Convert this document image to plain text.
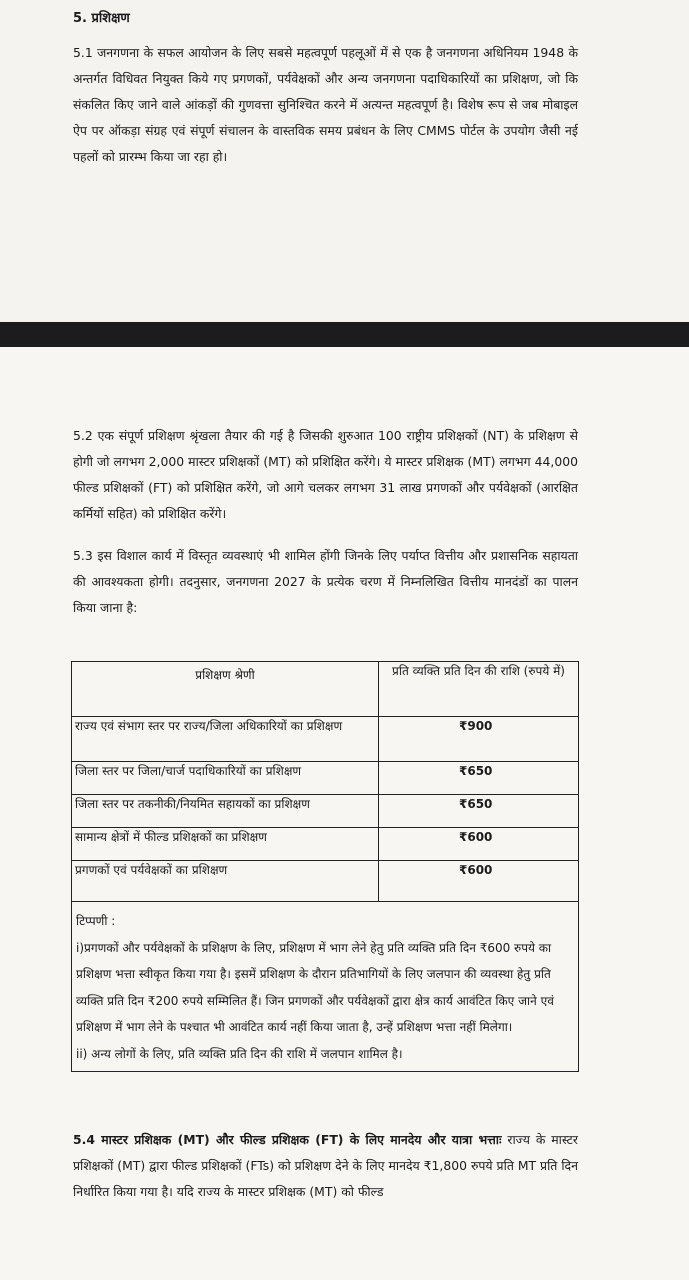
5. प्रशिक्षण
5.1 जनगणना के सफल आयोजन के लिए सबसे महत्वपूर्ण पहलूओं में से एक है जनगणना अधिनियम 1948 के अन्तर्गत विधिवत नियुक्त किये गए प्रगणकों, पर्यवेक्षकों और अन्य जनगणना पदाधिकारियों का प्रशिक्षण, जो कि संकलित किए जाने वाले आंकड़ों की गुणवत्ता सुनिश्चित करने में अत्यन्त महत्वपूर्ण है। विशेष रूप से जब मोबाइल ऐप पर ऑकड़ा संग्रह एवं संपूर्ण संचालन के वास्तविक समय प्रबंधन के लिए CMMS पोर्टल के उपयोग जैसी नई पहलों को प्रारम्भ किया जा रहा हो।
5.2 एक संपूर्ण प्रशिक्षण श्रृंखला तैयार की गई है जिसकी शुरुआत 100 राष्ट्रीय प्रशिक्षकों (NT) के प्रशिक्षण से होगी जो लगभग 2,000 मास्टर प्रशिक्षकों (MT) को प्रशिक्षित करेंगे। ये मास्टर प्रशिक्षक (MT) लगभग 44,000 फील्ड प्रशिक्षकों (FT) को प्रशिक्षित करेंगे, जो आगे चलकर लगभग 31 लाख प्रगणकों और पर्यवेक्षकों (आरक्षित कर्मियों सहित) को प्रशिक्षित करेंगे।
5.3 इस विशाल कार्य में विस्तृत व्यवस्थाएं भी शामिल होंगी जिनके लिए पर्याप्त वित्तीय और प्रशासनिक सहायता की आवश्यकता होगी। तदनुसार, जनगणना 2027 के प्रत्येक चरण में निम्नलिखित वित्तीय मानदंडों का पालन किया जाना है:
प्रशिक्षण श्रेणी	प्रति व्यक्ति प्रति दिन की राशि (रुपये में)
राज्य एवं संभाग स्तर पर राज्य/जिला अधिकारियों का प्रशिक्षण	₹900
जिला स्तर पर जिला/चार्ज पदाधिकारियों का प्रशिक्षण	₹650
जिला स्तर पर तकनीकी/नियमित सहायकों का प्रशिक्षण	₹650
सामान्य क्षेत्रों में फील्ड प्रशिक्षकों का प्रशिक्षण	₹600
प्रगणकों एवं पर्यवेक्षकों का प्रशिक्षण	₹600
टिप्पणी :
i)प्रगणकों और पर्यवेक्षकों के प्रशिक्षण के लिए, प्रशिक्षण में भाग लेने हेतु प्रति व्यक्ति प्रति दिन ₹600 रुपये का प्रशिक्षण भत्ता स्वीकृत किया गया है। इसमें प्रशिक्षण के दौरान प्रतिभागियों के लिए जलपान की व्यवस्था हेतु प्रति व्यक्ति प्रति दिन ₹200 रुपये सम्मिलित हैं। जिन प्रगणकों और पर्यवेक्षकों द्वारा क्षेत्र कार्य आवंटित किए जाने एवं प्रशिक्षण में भाग लेने के पश्चात भी आवंटित कार्य नहीं किया जाता है, उन्हें प्रशिक्षण भत्ता नहीं मिलेगा।
ii) अन्य लोगों के लिए, प्रति व्यक्ति प्रति दिन की राशि में जलपान शामिल है।
5.4 मास्टर प्रशिक्षक (MT) और फील्ड प्रशिक्षक (FT) के लिए मानदेय और यात्रा भत्ताः राज्य के मास्टर प्रशिक्षकों (MT) द्वारा फील्ड प्रशिक्षकों (FTs) को प्रशिक्षण देने के लिए मानदेय ₹1,800 रुपये प्रति MT प्रति दिन निर्धारित किया गया है। यदि राज्य के मास्टर प्रशिक्षक (MT) को फील्ड
